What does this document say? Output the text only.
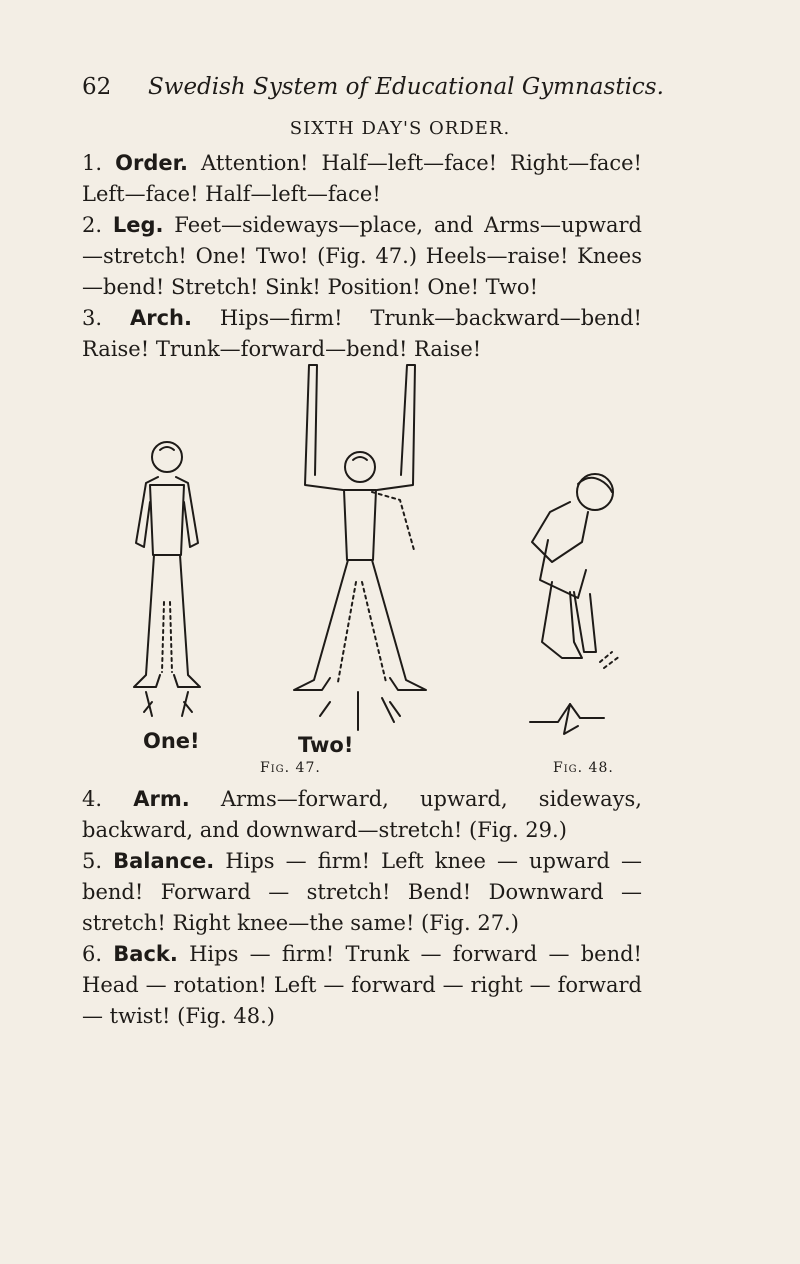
62 Swedish System of Educational Gymnastics.
SIXTH DAY'S ORDER.

1. Order. Attention! Half—left—face! Right—face! Left—face! Half—left—face!

2. Leg. Feet—sideways—place, and Arms—upward—stretch! One! Two! (Fig. 47.) Heels—raise! Knees—bend! Stretch! Sink! Position! One! Two!

3. Arch. Hips—firm! Trunk—backward—bend! Raise! Trunk—forward—bend! Raise!

One!	Two!
Fig. 47.	Fig. 48.

4. Arm. Arms—forward, upward, sideways, backward, and downward—stretch! (Fig. 29.)

5. Balance. Hips — firm! Left knee — upward — bend! Forward — stretch! Bend! Downward — stretch! Right knee—the same! (Fig. 27.)

6. Back. Hips — firm! Trunk — forward — bend! Head — rotation! Left — forward — right — forward — twist! (Fig. 48.)
